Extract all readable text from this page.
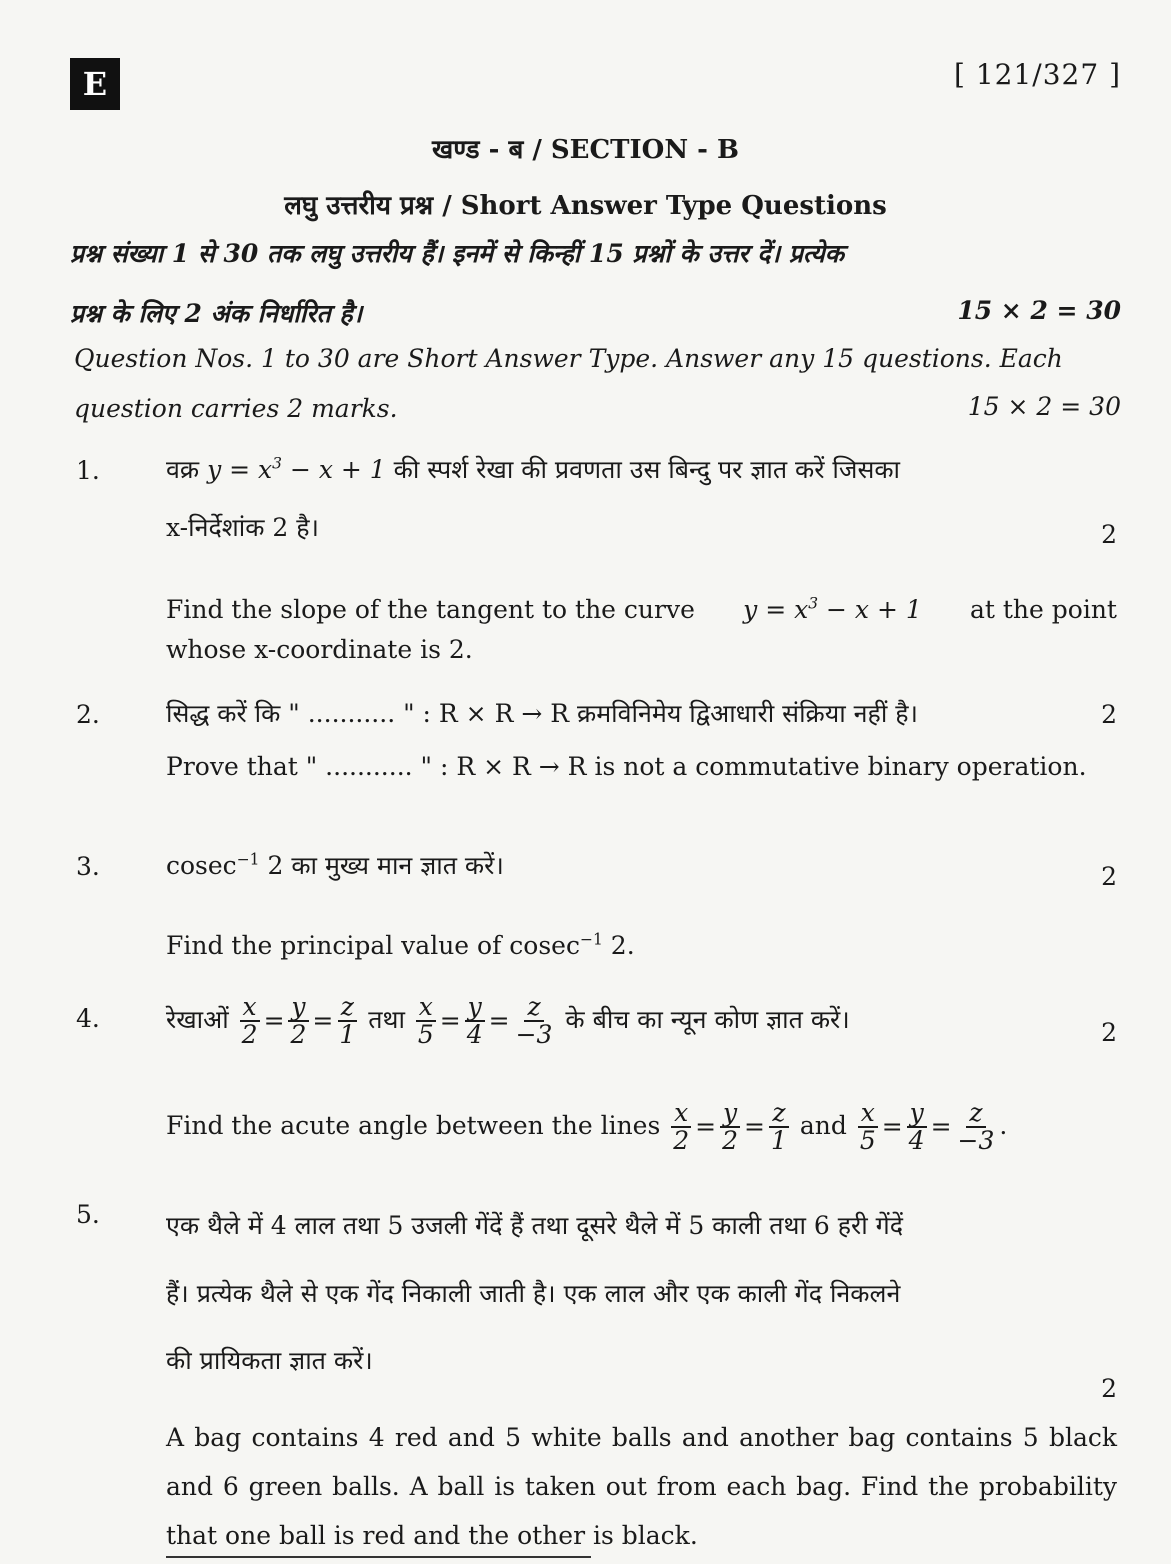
E	[ 121/327 ]
खण्ड - ब / SECTION - B
लघु उत्तरीय प्रश्न / Short Answer Type Questions
प्रश्न संख्या 1 से 30 तक लघु उत्तरीय हैं। इनमें से किन्हीं 15 प्रश्नों के उत्तर दें। प्रत्येक
प्रश्न के लिए 2 अंक निर्धारित है।	15 × 2 = 30
Question Nos. 1 to 30 are Short Answer Type. Answer any 15 questions. Each
question carries 2 marks.	15 × 2 = 30
1.	वक्र $y = x^3 - x + 1$ की स्पर्श रेखा की प्रवणता उस बिन्दु पर ज्ञात करें जिसका
x-निर्देशांक 2 है।	2
Find the slope of the tangent to the curve $y = x^3 - x + 1$ at the point
whose x-coordinate is 2.
2.	सिद्ध करें कि " ........... " : R × R → R क्रमविनिमेय द्विआधारी संक्रिया नहीं है।	2
Prove that " ........... " : R × R → R is not a commutative binary operation.
3.	cosec$^{-1}$ 2 का मुख्य मान ज्ञात करें।	2
Find the principal value of cosec$^{-1}$ 2.
4.	रेखाओं $\frac{x}{2} = \frac{y}{2} = \frac{z}{1}$ तथा $\frac{x}{5} = \frac{y}{4} = \frac{z}{-3}$ के बीच का न्यून कोण ज्ञात करें।	2
Find the acute angle between the lines $\frac{x}{2} = \frac{y}{2} = \frac{z}{1}$ and $\frac{x}{5} = \frac{y}{4} = \frac{z}{-3}$ .
5.	एक थैले में 4 लाल तथा 5 उजली गेंदें हैं तथा दूसरे थैले में 5 काली तथा 6 हरी गेंदें
हैं। प्रत्येक थैले से एक गेंद निकाली जाती है। एक लाल और एक काली गेंद निकलने
की प्रायिकता ज्ञात करें।
2
A bag contains 4 red and 5 white balls and another bag contains 5 black and 6 green balls. A ball is taken out from each bag. Find the probability that one ball is red and the other is black.
